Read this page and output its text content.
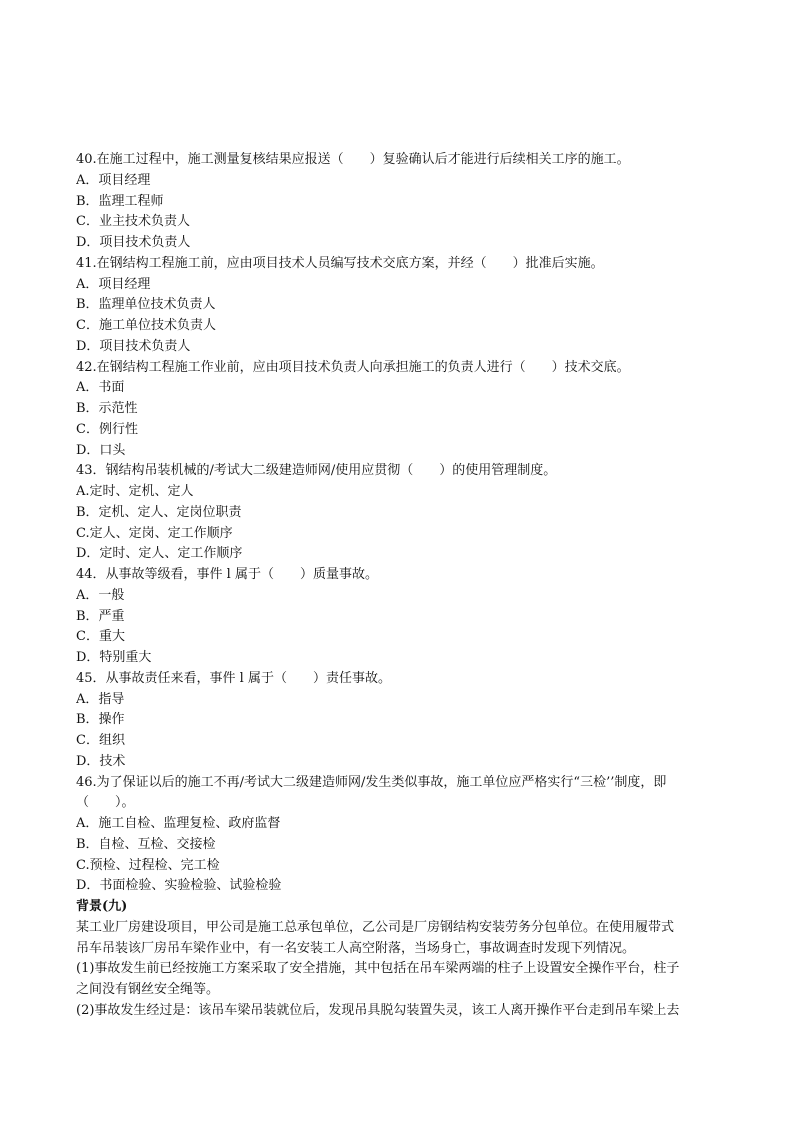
40.在施工过程中，施工测量复核结果应报送（　　）复验确认后才能进行后续相关工序的施工。
A．项目经理
B．监理工程师
C．业主技术负责人
D．项目技术负责人
41.在钢结构工程施工前，应由项目技术人员编写技术交底方案，并经（　　）批准后实施。
A．项目经理
B．监理单位技术负责人
C．施工单位技术负责人
D．项目技术负责人
42.在钢结构工程施工作业前，应由项目技术负责人向承担施工的负责人进行（　　）技术交底。
A．书面
B．示范性
C．例行性
D．口头
43．钢结构吊装机械的/考试大二级建造师网/使用应贯彻（　　）的使用管理制度。
A.定时、定机、定人
B．定机、定人、定岗位职责
C.定人、定岗、定工作顺序
D．定时、定人、定工作顺序
44．从事故等级看，事件 l 属于（　　）质量事故。
A．一般
B．严重
C．重大
D．特别重大
45．从事故责任来看，事件 l 属于（　　）责任事故。
A．指导
B．操作
C．组织
D．技术
46.为了保证以后的施工不再/考试大二级建造师网/发生类似事故，施工单位应严格实行“三检’’制度，即
（　　）。
A．施工自检、监理复检、政府监督
B．自检、互检、交接检
C.预检、过程检、完工检
D．书面检验、实验检验、试验检验
背景(九)
某工业厂房建设项目，甲公司是施工总承包单位，乙公司是厂房钢结构安装劳务分包单位。在使用履带式
吊车吊装该厂房吊车梁作业中，有一名安装工人高空附落，当场身亡，事故调查时发现下列情况。
(1)事故发生前已经按施工方案采取了安全措施，其中包括在吊车梁两端的柱子上设置安全操作平台，柱子
之间没有钢丝安全绳等。
(2)事故发生经过是：该吊车梁吊装就位后，发现吊具脱勾装置失灵，该工人离开操作平台走到吊车梁上去
